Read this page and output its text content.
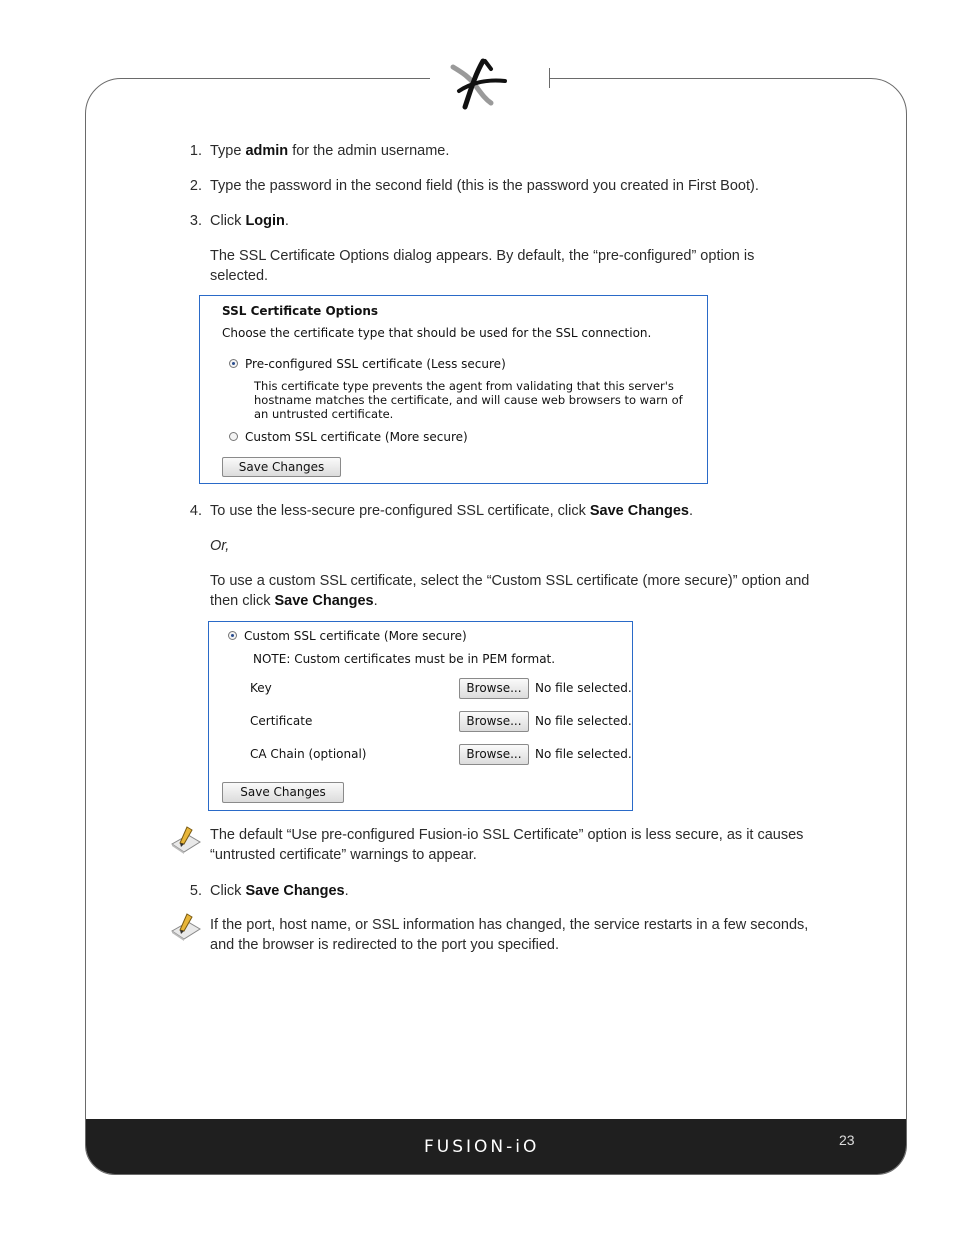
FUSION-iO	23
1. Type admin for the admin username.
2. Type the password in the second field (this is the password you created in First Boot).
3. Click Login.
The SSL Certificate Options dialog appears. By default, the “pre-configured” option is selected.
SSL Certificate Options
Choose the certificate type that should be used for the SSL connection.
Pre-configured SSL certificate (Less secure)
This certificate type prevents the agent from validating that this server's hostname matches the certificate, and will cause web browsers to warn of an untrusted certificate.
Custom SSL certificate (More secure)
Save Changes
4. To use the less-secure pre-configured SSL certificate, click Save Changes.
Or,
To use a custom SSL certificate, select the “Custom SSL certificate (more secure)” option and then click Save Changes.
Custom SSL certificate (More secure)
NOTE: Custom certificates must be in PEM format.
Key	Browse...	No file selected.
Certificate	Browse...	No file selected.
CA Chain (optional)	Browse...	No file selected.
Save Changes
The default “Use pre-configured Fusion-io SSL Certificate” option is less secure, as it causes “untrusted certificate” warnings to appear.
5. Click Save Changes.
If the port, host name, or SSL information has changed, the service restarts in a few seconds, and the browser is redirected to the port you specified.
